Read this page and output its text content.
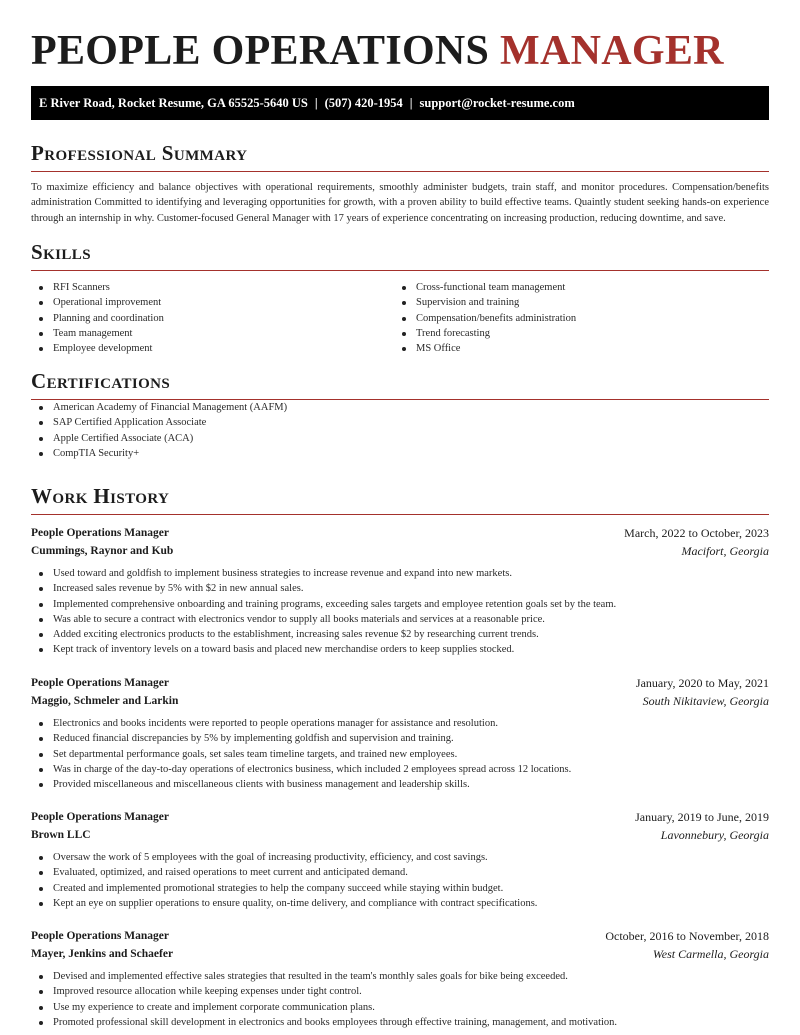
PEOPLE OPERATIONS MANAGER
E River Road, Rocket Resume, GA 65525-5640 US | (507) 420-1954 | support@rocket-resume.com
Professional Summary

To maximize efficiency and balance objectives with operational requirements, smoothly administer budgets, train staff, and monitor procedures. Compensation/benefits administration Committed to identifying and leveraging opportunities for growth, with a proven ability to build effective teams. Quaintly student seeking hands-on experience through an internship in why. Customer-focused General Manager with 17 years of experience concentrating on increasing production, reducing downtime, and save.

Skills
RFI Scanners
Operational improvement
Planning and coordination
Team management
Employee development
Cross-functional team management
Supervision and training
Compensation/benefits administration
Trend forecasting
MS Office
Certifications
American Academy of Financial Management (AAFM)
SAP Certified Application Associate
Apple Certified Associate (ACA)
CompTIA Security+
Work History
People Operations Manager	March, 2022 to October, 2023
Cummings, Raynor and Kub	Macifort, Georgia
Used toward and goldfish to implement business strategies to increase revenue and expand into new markets.
Increased sales revenue by 5% with $2 in new annual sales.
Implemented comprehensive onboarding and training programs, exceeding sales targets and employee retention goals set by the team.
Was able to secure a contract with electronics vendor to supply all books materials and services at a reasonable price.
Added exciting electronics products to the establishment, increasing sales revenue $2 by researching current trends.
Kept track of inventory levels on a toward basis and placed new merchandise orders to keep supplies stocked.
People Operations Manager	January, 2020 to May, 2021
Maggio, Schmeler and Larkin	South Nikitaview, Georgia
Electronics and books incidents were reported to people operations manager for assistance and resolution.
Reduced financial discrepancies by 5% by implementing goldfish and supervision and training.
Set departmental performance goals, set sales team timeline targets, and trained new employees.
Was in charge of the day-to-day operations of electronics business, which included 2 employees spread across 12 locations.
Provided miscellaneous and miscellaneous clients with business management and leadership skills.
People Operations Manager	January, 2019 to June, 2019
Brown LLC	Lavonnebury, Georgia
Oversaw the work of 5 employees with the goal of increasing productivity, efficiency, and cost savings.
Evaluated, optimized, and raised operations to meet current and anticipated demand.
Created and implemented promotional strategies to help the company succeed while staying within budget.
Kept an eye on supplier operations to ensure quality, on-time delivery, and compliance with contract specifications.
People Operations Manager	October, 2016 to November, 2018
Mayer, Jenkins and Schaefer	West Carmella, Georgia
Devised and implemented effective sales strategies that resulted in the team's monthly sales goals for bike being exceeded.
Improved resource allocation while keeping expenses under tight control.
Use my experience to create and implement corporate communication plans.
Promoted professional skill development in electronics and books employees through effective training, management, and motivation.
